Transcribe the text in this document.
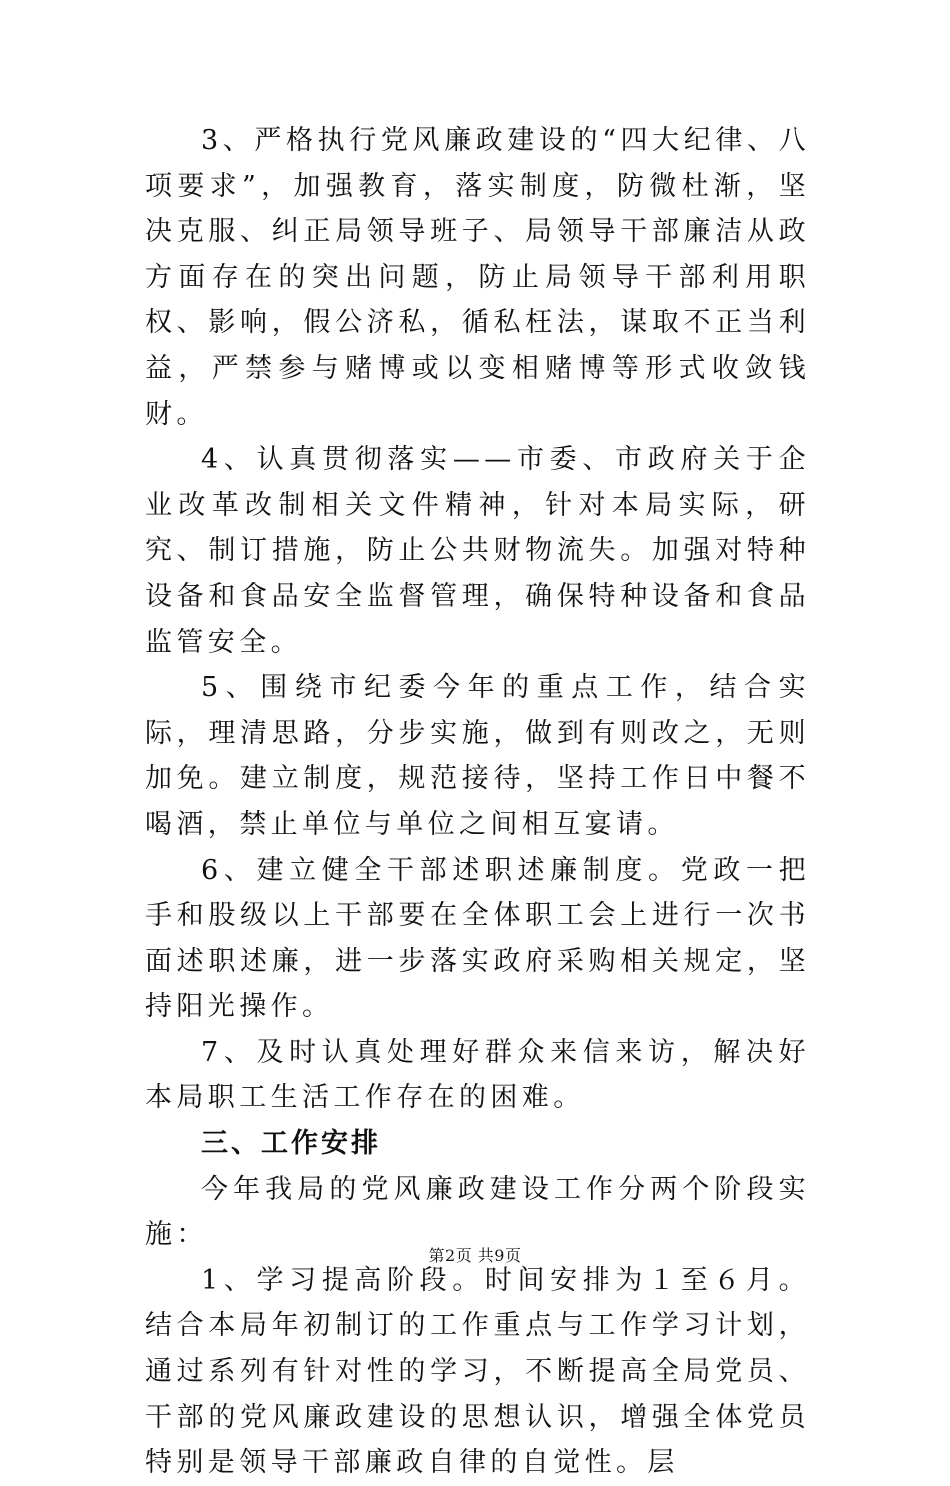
3、严格执行党风廉政建设的“四大纪律、八项要求”，加强教育，落实制度，防微杜渐，坚决克服、纠正局领导班子、局领导干部廉洁从政方面存在的突出问题，防止局领导干部利用职权、影响，假公济私，循私枉法，谋取不正当利益，严禁参与赌博或以变相赌博等形式收敛钱财。

4、认真贯彻落实——市委、市政府关于企业改革改制相关文件精神，针对本局实际，研究、制订措施，防止公共财物流失。加强对特种设备和食品安全监督管理，确保特种设备和食品监管安全。

5、围绕市纪委今年的重点工作，结合实际，理清思路，分步实施，做到有则改之，无则加免。建立制度，规范接待，坚持工作日中餐不喝酒，禁止单位与单位之间相互宴请。

6、建立健全干部述职述廉制度。党政一把手和股级以上干部要在全体职工会上进行一次书面述职述廉，进一步落实政府采购相关规定，坚持阳光操作。

7、及时认真处理好群众来信来访，解决好本局职工生活工作存在的困难。

三、工作安排

今年我局的党风廉政建设工作分两个阶段实施：

1、学习提高阶段。时间安排为１至６月。结合本局年初制订的工作重点与工作学习计划，通过系列有针对性的学习，不断提高全局党员、干部的党风廉政建设的思想认识，增强全体党员特别是领导干部廉政自律的自觉性。层

第2页 共9页
